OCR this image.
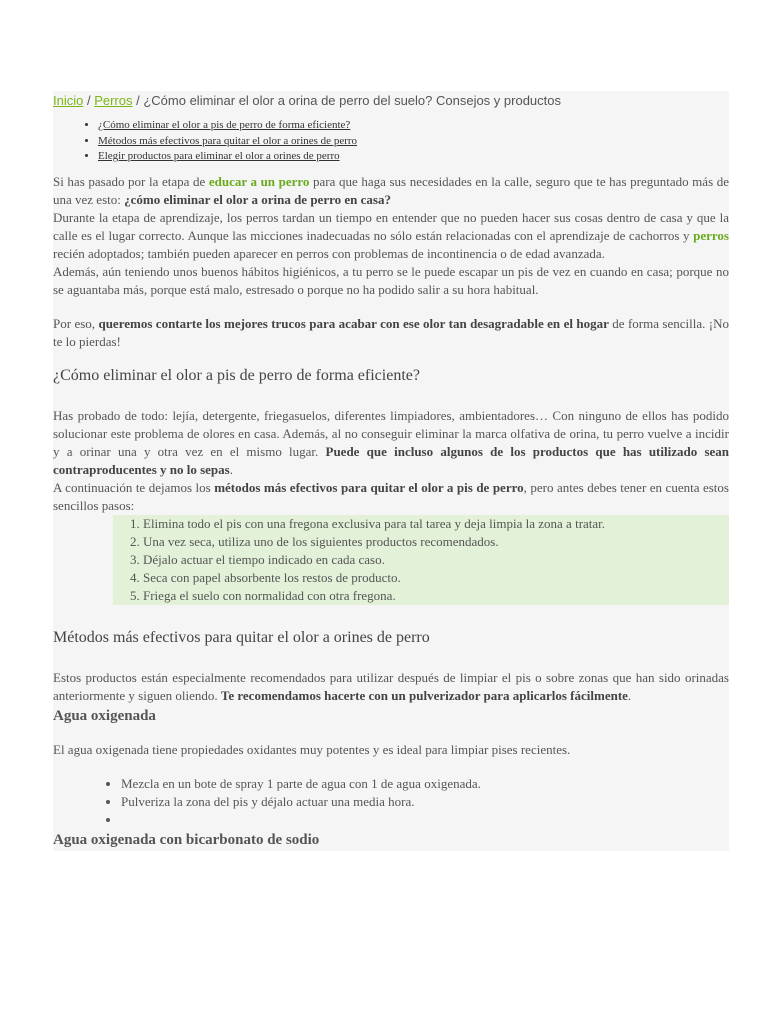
Inicio / Perros / ¿Cómo eliminar el olor a orina de perro del suelo? Consejos y productos
• ¿Cómo eliminar el olor a pis de perro de forma eficiente?
• Métodos más efectivos para quitar el olor a orines de perro
• Elegir productos para eliminar el olor a orines de perro

Si has pasado por la etapa de educar a un perro para que haga sus necesidades en la calle, seguro que te has preguntado más de una vez esto: ¿cómo eliminar el olor a orina de perro en casa?

Durante la etapa de aprendizaje, los perros tardan un tiempo en entender que no pueden hacer sus cosas dentro de casa y que la calle es el lugar correcto. Aunque las micciones inadecuadas no sólo están relacionadas con el aprendizaje de cachorros y perros recién adoptados; también pueden aparecer en perros con problemas de incontinencia o de edad avanzada.

Además, aún teniendo unos buenos hábitos higiénicos, a tu perro se le puede escapar un pis de vez en cuando en casa; porque no se aguantaba más, porque está malo, estresado o porque no ha podido salir a su hora habitual.

Por eso, queremos contarte los mejores trucos para acabar con ese olor tan desagradable en el hogar de forma sencilla. ¡No te lo pierdas!

¿Cómo eliminar el olor a pis de perro de forma eficiente?

Has probado de todo: lejía, detergente, friegasuelos, diferentes limpiadores, ambientadores… Con ninguno de ellos has podido solucionar este problema de olores en casa. Además, al no conseguir eliminar la marca olfativa de orina, tu perro vuelve a incidir y a orinar una y otra vez en el mismo lugar. Puede que incluso algunos de los productos que has utilizado sean contraproducentes y no lo sepas.

A continuación te dejamos los métodos más efectivos para quitar el olor a pis de perro, pero antes debes tener en cuenta estos sencillos pasos:

1. Elimina todo el pis con una fregona exclusiva para tal tarea y deja limpia la zona a tratar.
2. Una vez seca, utiliza uno de los siguientes productos recomendados.
3. Déjalo actuar el tiempo indicado en cada caso.
4. Seca con papel absorbente los restos de producto.
5. Friega el suelo con normalidad con otra fregona.
Métodos más efectivos para quitar el olor a orines de perro

Estos productos están especialmente recomendados para utilizar después de limpiar el pis o sobre zonas que han sido orinadas anteriormente y siguen oliendo. Te recomendamos hacerte con un pulverizador para aplicarlos fácilmente.

Agua oxigenada

El agua oxigenada tiene propiedades oxidantes muy potentes y es ideal para limpiar pises recientes.

• Mezcla en un bote de spray 1 parte de agua con 1 de agua oxigenada.
• Pulveriza la zona del pis y déjalo actuar una media hora.
•
Agua oxigenada con bicarbonato de sodio
